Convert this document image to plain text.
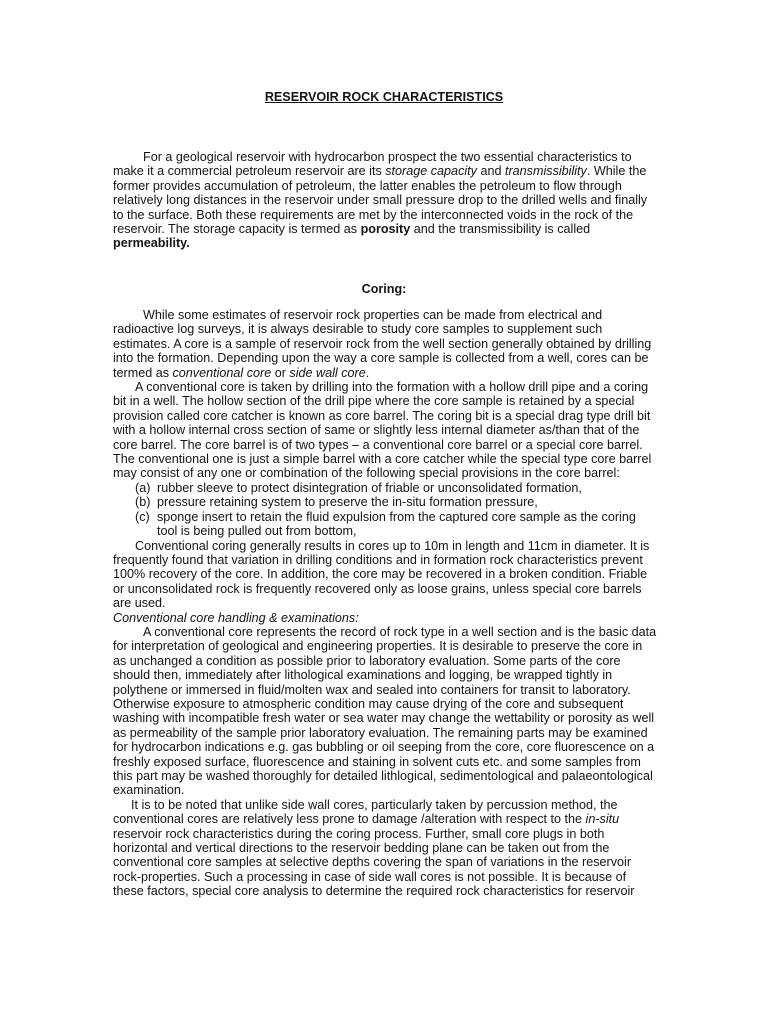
RESERVOIR ROCK CHARACTERISTICS

For a geological reservoir with hydrocarbon prospect the two essential characteristics to make it a commercial petroleum reservoir are its storage capacity and transmissibility. While the former provides accumulation of petroleum, the latter enables the petroleum to flow through relatively long distances in the reservoir under small pressure drop to the drilled wells and finally to the surface. Both these requirements are met by the interconnected voids in the rock of the reservoir. The storage capacity is termed as porosity and the transmissibility is called permeability.

Coring:

While some estimates of reservoir rock properties can be made from electrical and radioactive log surveys, it is always desirable to study core samples to supplement such estimates. A core is a sample of reservoir rock from the well section generally obtained by drilling into the formation. Depending upon the way a core sample is collected from a well, cores can be termed as conventional core or side wall core.

A conventional core is taken by drilling into the formation with a hollow drill pipe and a coring bit in a well. The hollow section of the drill pipe where the core sample is retained by a special provision called core catcher is known as core barrel. The coring bit is a special drag type drill bit with a hollow internal cross section of same or slightly less internal diameter as/than that of the core barrel. The core barrel is of two types – a conventional core barrel or a special core barrel. The conventional one is just a simple barrel with a core catcher while the special type core barrel may consist of any one or combination of the following special provisions in the core barrel:

(a) rubber sleeve to protect disintegration of friable or unconsolidated formation,
(b) pressure retaining system to preserve the in-situ formation pressure,
(c) sponge insert to retain the fluid expulsion from the captured core sample as the coring tool is being pulled out from bottom,

Conventional coring generally results in cores up to 10m in length and 11cm in diameter. It is frequently found that variation in drilling conditions and in formation rock characteristics prevent 100% recovery of the core. In addition, the core may be recovered in a broken condition. Friable or unconsolidated rock is frequently recovered only as loose grains, unless special core barrels are used.

Conventional core handling & examinations:

A conventional core represents the record of rock type in a well section and is the basic data for interpretation of geological and engineering properties. It is desirable to preserve the core in as unchanged a condition as possible prior to laboratory evaluation. Some parts of the core should then, immediately after lithological examinations and logging, be wrapped tightly in polythene or immersed in fluid/molten wax and sealed into containers for transit to laboratory. Otherwise exposure to atmospheric condition may cause drying of the core and subsequent washing with incompatible fresh water or sea water may change the wettability or porosity as well as permeability of the sample prior laboratory evaluation. The remaining parts may be examined for hydrocarbon indications e.g. gas bubbling or oil seeping from the core, core fluorescence on a freshly exposed surface, fluorescence and staining in solvent cuts etc. and some samples from this part may be washed thoroughly for detailed lithlogical, sedimentological and palaeontological examination.

It is to be noted that unlike side wall cores, particularly taken by percussion method, the conventional cores are relatively less prone to damage /alteration with respect to the in-situ reservoir rock characteristics during the coring process. Further, small core plugs in both horizontal and vertical directions to the reservoir bedding plane can be taken out from the conventional core samples at selective depths covering the span of variations in the reservoir rock-properties. Such a processing in case of side wall cores is not possible. It is because of these factors, special core analysis to determine the required rock characteristics for reservoir
